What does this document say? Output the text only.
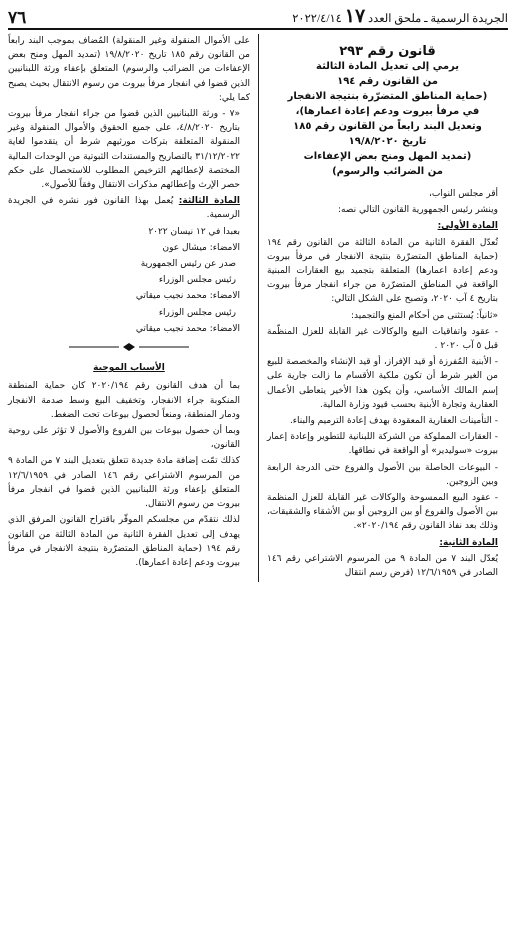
الجريدة الرسمية ـ ملحق العدد ١٧ ٢٠٢٢/٤/١٤
٧٦
قانون رقم ٢٩٣
يرمي إلى تعديل المادة الثالثة
من القانون رقم ١٩٤
(حماية المناطق المتضرّرة بنتيجة الانفجار
في مرفأ بيروت ودعم إعادة اعمارها)،
وتعديل البند رابعاً من القانون رقم ١٨٥
تاريخ ١٩/٨/٢٠٢٠
(تمديد المهل ومنح بعض الإعفاءات
من الضرائب والرسوم)

أقر مجلس النواب،

وينشر رئيس الجمهورية القانون التالي نصه:

المادة الأولى:

تُعدّل الفقرة الثانية من المادة الثالثة من القانون رقم ١٩٤ (حماية المناطق المتضرّرة بنتيجة الانفجار في مرفأ بيروت ودعم إعادة اعمارها) المتعلقة بتجميد بيع العقارات المبنية الواقعة في المناطق المتضرّرة من جراء انفجار مرفأ بيروت بتاريخ ٤ آب ٢٠٢٠، وتصبح على الشكل التالي:

«ثانياً: يُستثنى من أحكام المنع والتجميد:

- عقود واتفاقيات البيع والوكالات غير القابلة للعزل المنظّمة قبل ٥ آب ٢٠٢٠ .

- الأبنية المُفرزة أو قيد الإفراز، أو قيد الإنشاء والمخصصة للبيع من الغير شرط أن تكون ملكية الأقسام ما زالت جارية على إسم المالك الأساسي، وأن يكون هذا الأخير يتعاطى الأعمال العقارية وتجارة الأبنية بحسب قيود وزارة المالية.

- التأمينات العقارية المعقودة بهدف إعادة الترميم والبناء.

- العقارات المملوكة من الشركة اللبنانية للتطوير وإعادة إعمار بيروت «سوليدير» أو الواقعة في نطاقها.

- البيوعات الحاصلة بين الأصول والفروع حتى الدرجة الرابعة وبين الزوجين.

- عقود البيع الممسوحة والوكالات غير القابلة للعزل المنظمة بين الأصول والفروع أو بين الزوجين أو بين الأشقاء والشقيقات، وذلك بعد نفاذ القانون رقم ٢٠٢٠/١٩٤».

المادة الثانية:

يُعدّل البند ٧ من المادة ٩ من المرسوم الاشتراعي رقم ١٤٦ الصادر في ١٢/٦/١٩٥٩ (فرض رسم انتقال

على الأموال المنقولة وغير المنقولة) المُضاف بموجب البند رابعاً من القانون رقم ١٨٥ تاريخ ١٩/٨/٢٠٢٠ (تمديد المهل ومنح بعض الإعفاءات من الضرائب والرسوم) المتعلق بإعفاء ورثة اللبنانيين الذين قضوا في انفجار مرفأ بيروت من رسوم الانتقال بحيث يصبح كما يلي:

«٧ - ورثة اللبنانيين الذين قضوا من جراء انفجار مرفأ بيروت بتاريخ ٤/٨/٢٠٢٠، على جميع الحقوق والأموال المنقولة وغير المنقولة المتعلقة بتركات مورثيهم شرط أن يتقدموا لغاية ٣١/١٢/٢٠٢٢ بالتصاريح والمستندات الثبوتية من الوحدات المالية المختصة لإعطائهم الترخيص المطلوب للاستحصال على حكم حصر الإرث وإعطائهم مذكرات الانتقال وفقاً للأصول».

المادة الثالثة: يُعمل بهذا القانون فور نشره في الجريدة الرسمية.

بعبدا في ١٢ نيسان ٢٠٢٢

الامضاء: ميشال عون

صدر عن رئيس الجمهورية

رئيس مجلس الوزراء

الامضاء: محمد نجيب ميقاتي

رئيس مجلس الوزراء

الامضاء: محمد نجيب ميقاتي

الأسباب الموجبة

بما أن هدف القانون رقم ٢٠٢٠/١٩٤ كان حماية المنطقة المنكوبة جراء الانفجار، وتخفيف البيع وسط صدمة الانفجار ودمار المنطقة، ومنعاً لحصول بيوعات تحت الضغط.

وبما أن حصول بيوعات بين الفروع والأصول لا تؤثر على روحية القانون،

كذلك تمّت إضافة مادة جديدة تتعلق بتعديل البند ٧ من المادة ٩ من المرسوم الاشتراعي رقم ١٤٦ الصادر في ١٢/٦/١٩٥٩ المتعلق بإعفاء ورثة اللبنانيين الذين قضوا في انفجار مرفأ بيروت من رسوم الانتقال.

لذلك نتقدّم من مجلسكم الموقّر باقتراح القانون المرفق الذي يهدف إلى تعديل الفقرة الثانية من المادة الثالثة من القانون رقم ١٩٤ (حماية المناطق المتضرّرة بنتيجة الانفجار في مرفأ بيروت ودعم إعادة اعمارها).
